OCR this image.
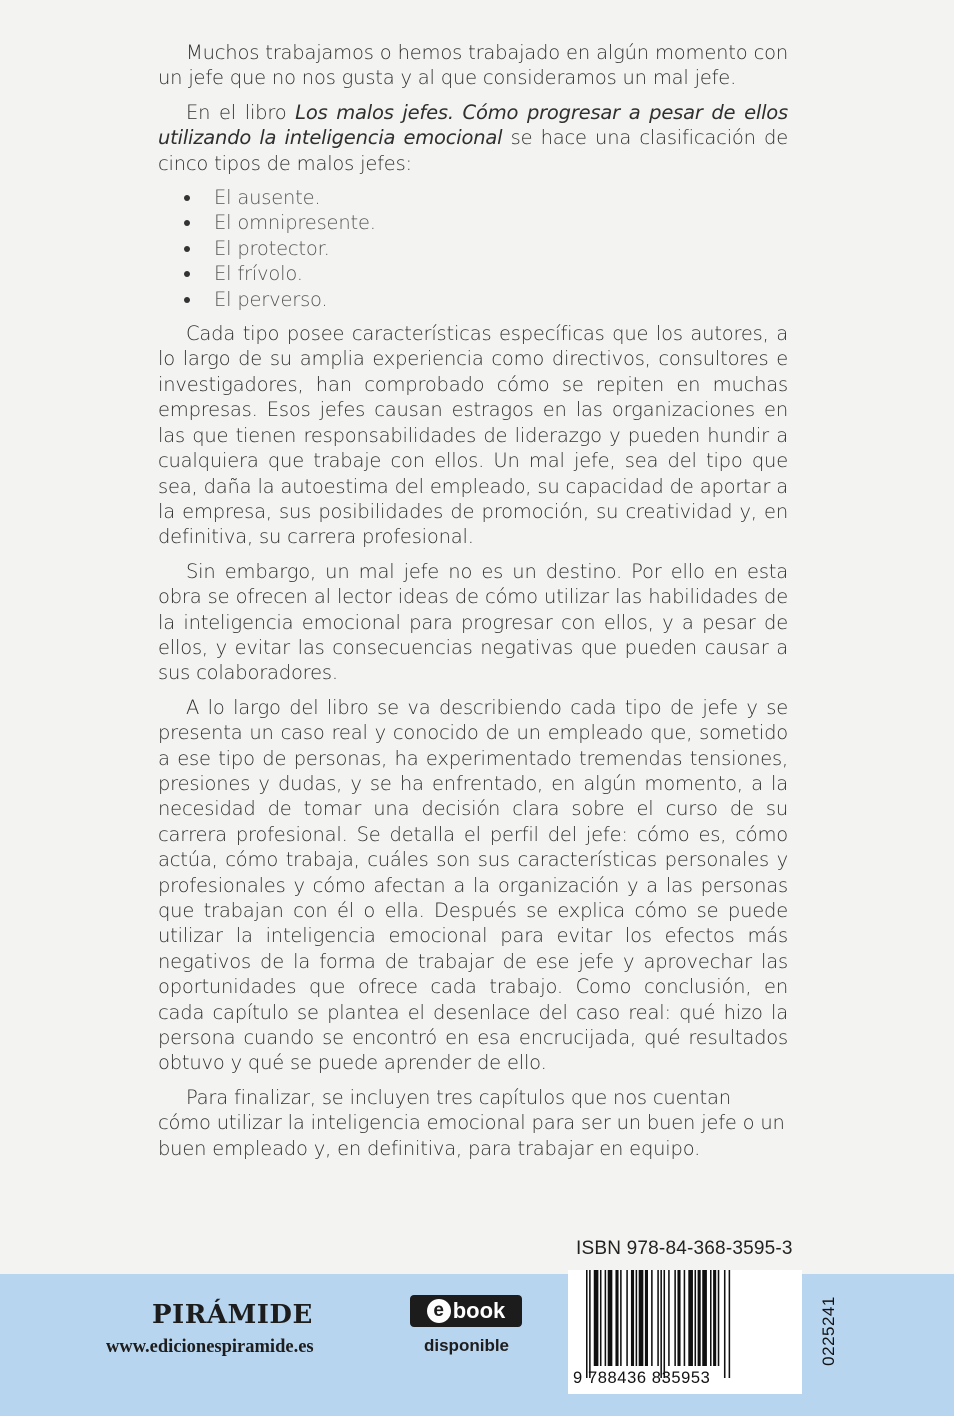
Muchos trabajamos o hemos trabajado en algún momento con un jefe que no nos gusta y al que consideramos un mal jefe.

En el libro Los malos jefes. Cómo progresar a pesar de ellos utilizando la inteligencia emocional se hace una clasificación de cinco tipos de malos jefes:

El ausente.
El omnipresente.
El protector.
El frívolo.
El perverso.

Cada tipo posee características específicas que los autores, a lo largo de su amplia experiencia como directivos, consultores e investigadores, han comprobado cómo se repiten en muchas empresas. Esos jefes causan estragos en las organizaciones en las que tienen responsabilidades de liderazgo y pueden hundir a cualquiera que trabaje con ellos. Un mal jefe, sea del tipo que sea, daña la autoestima del empleado, su capacidad de aportar a la empresa, sus posibilidades de promoción, su creatividad y, en definitiva, su carrera profesional.

Sin embargo, un mal jefe no es un destino. Por ello en esta obra se ofrecen al lector ideas de cómo utilizar las habilidades de la inteligencia emocional para progresar con ellos, y a pesar de ellos, y evitar las consecuencias negativas que pueden causar a sus colaboradores.

A lo largo del libro se va describiendo cada tipo de jefe y se presenta un caso real y conocido de un empleado que, sometido a ese tipo de personas, ha experimentado tremendas tensiones, presiones y dudas, y se ha enfrentado, en algún momento, a la necesidad de tomar una decisión clara sobre el curso de su carrera profesional. Se detalla el perfil del jefe: cómo es, cómo actúa, cómo trabaja, cuáles son sus características personales y profesionales y cómo afectan a la organización y a las personas que trabajan con él o ella. Después se explica cómo se puede utilizar la inteligencia emocional para evitar los efectos más negativos de la forma de trabajar de ese jefe y aprovechar las oportunidades que ofrece cada trabajo. Como conclusión, en cada capítulo se plantea el desenlace del caso real: qué hizo la persona cuando se encontró en esa encrucijada, qué resultados obtuvo y qué se puede aprender de ello.

Para finalizar, se incluyen tres capítulos que nos cuentan cómo utilizar la inteligencia emocional para ser un buen jefe o un buen empleado y, en definitiva, para trabajar en equipo.

ISBN 978-84-368-3595-3
PIRÁMIDE
www.edicionespiramide.es
e book
disponible
9 788436 835953
0225241
